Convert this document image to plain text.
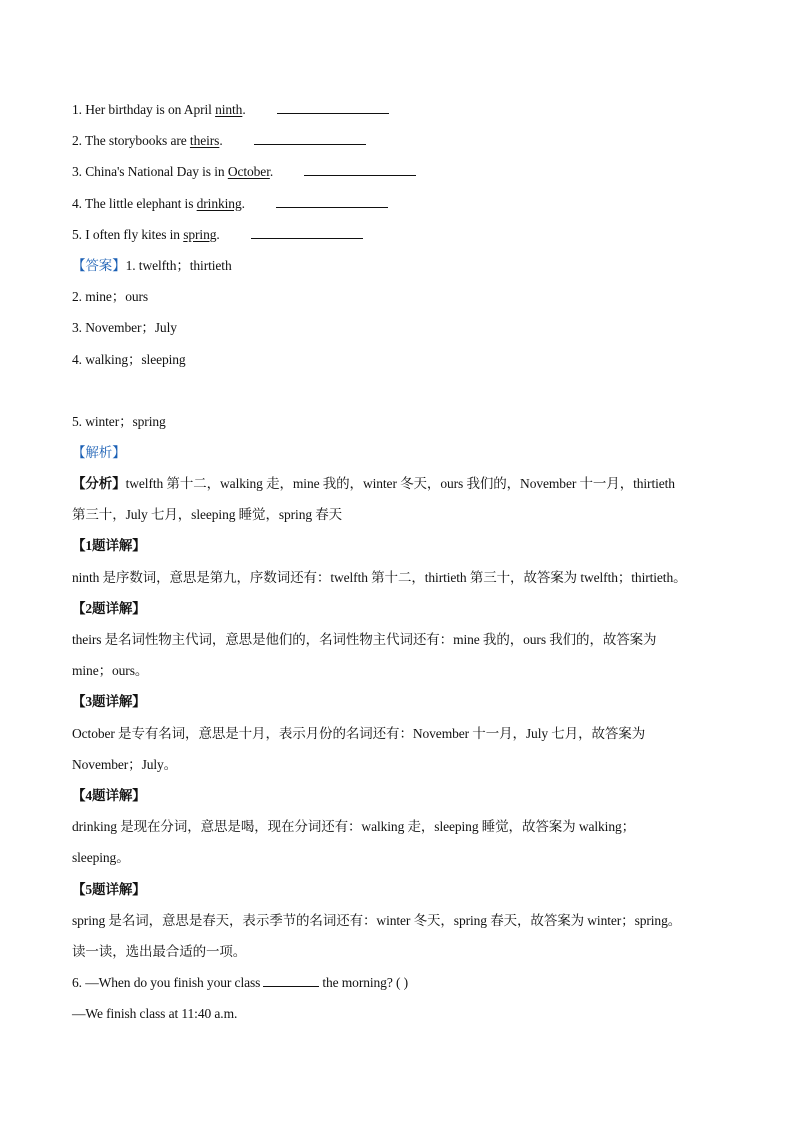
1. Her birthday is on April ninth.
2. The storybooks are theirs.
3. China's National Day is in October.
4. The little elephant is drinking.
5. I often fly kites in spring.
【答案】1. twelfth；thirtieth
2. mine；ours
3. November；July
4. walking；sleeping
5. winter；spring
【解析】
【分析】twelfth 第十二，walking 走，mine 我的，winter 冬天，ours 我们的，November 十一月，thirtieth
第三十，July 七月，sleeping 睡觉，spring 春天
【1题详解】
ninth 是序数词，意思是第九，序数词还有：twelfth 第十二，thirtieth 第三十，故答案为 twelfth；thirtieth。
【2题详解】
theirs 是名词性物主代词，意思是他们的，名词性物主代词还有：mine 我的，ours 我们的，故答案为
mine；ours。
【3题详解】
October 是专有名词，意思是十月，表示月份的名词还有：November 十一月，July 七月，故答案为
November；July。
【4题详解】
drinking 是现在分词，意思是喝，现在分词还有：walking 走，sleeping 睡觉，故答案为 walking；
sleeping。
【5题详解】
spring 是名词，意思是春天，表示季节的名词还有：winter 冬天，spring 春天，故答案为 winter；spring。
读一读，选出最合适的一项。
6. —When do you finish your class	the morning? ( )
—We finish class at 11:40 a.m.
